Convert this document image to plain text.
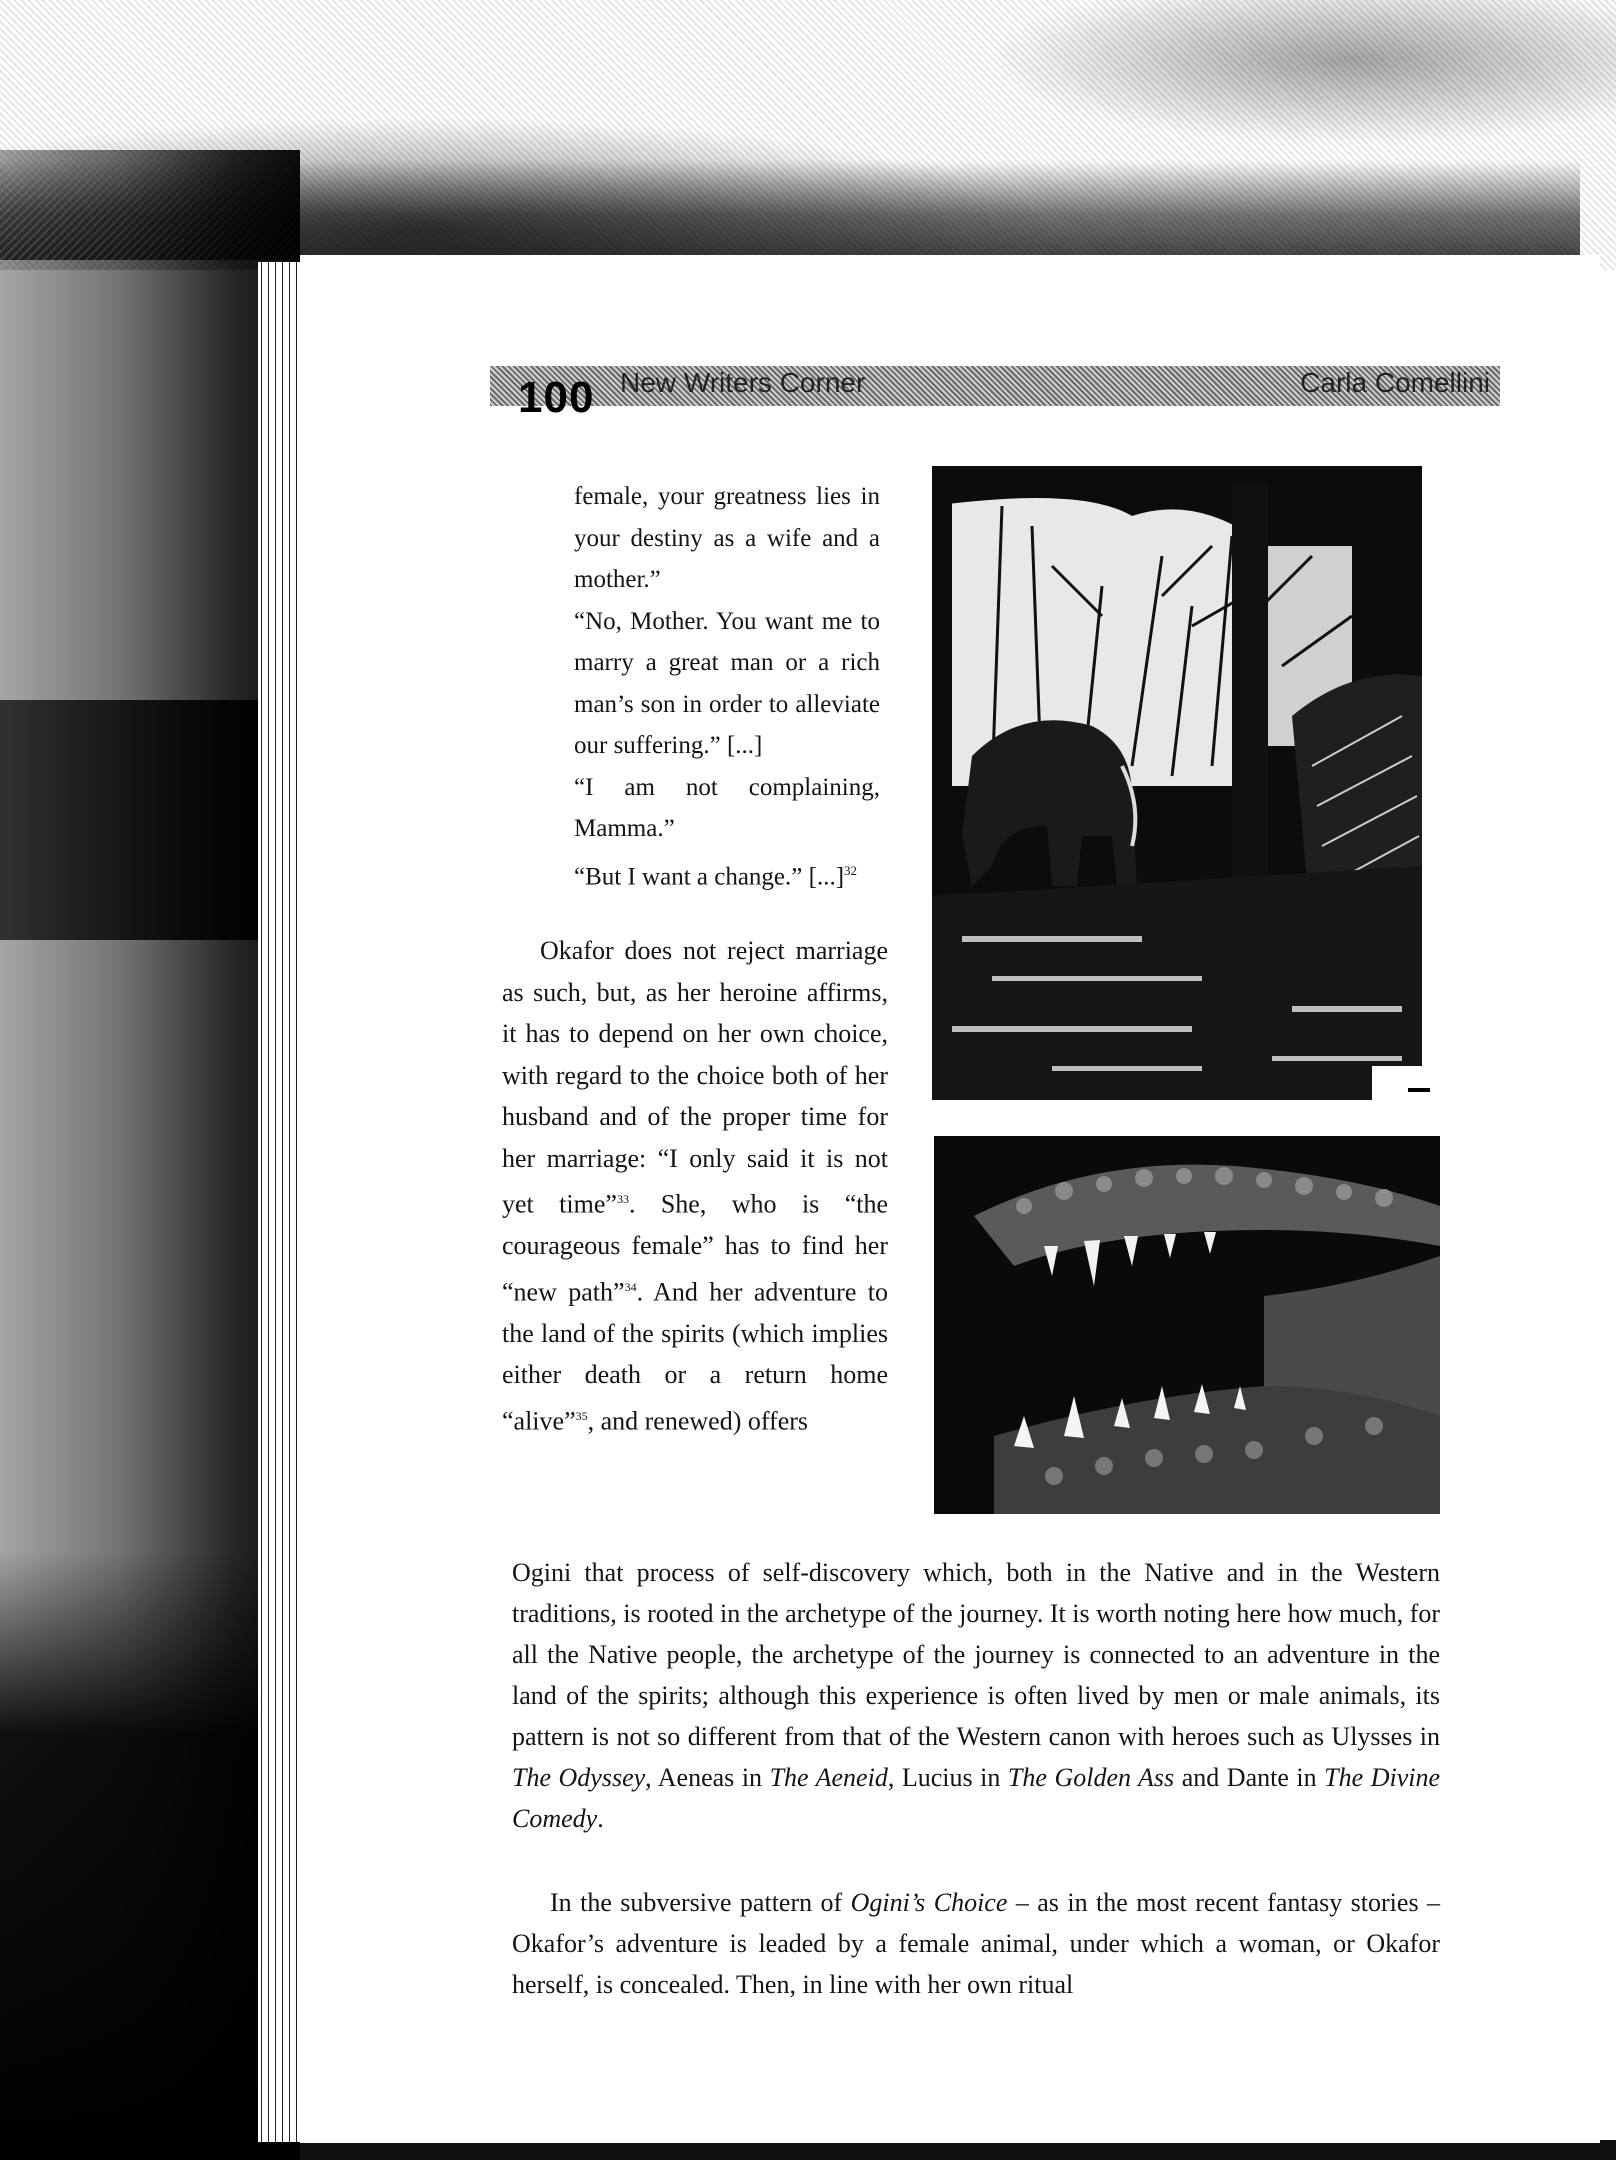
100 New Writers Corner	Carla Comellini

female, your greatness lies in your destiny as a wife and a mother.”

“No, Mother. You want me to marry a great man or a rich man’s son in order to alleviate our suffering.” [...]

“I am not complaining, Mamma.”

“But I want a change.” [...]$^{32}$

Okafor does not reject marriage as such, but, as her heroine affirms, it has to depend on her own choice, with regard to the choice both of her husband and of the proper time for her marriage: “I only said it is not yet time”$^{33}$. She, who is “the courageous female” has to find her “new path”$^{34}$. And her adventure to the land of the spirits (which implies either death or a return home “alive”$^{35}$, and renewed) offers

Ogini that process of self-discovery which, both in the Native and in the Western traditions, is rooted in the archetype of the journey. It is worth noting here how much, for all the Native people, the archetype of the journey is connected to an adventure in the land of the spirits; although this experience is often lived by men or male animals, its pattern is not so different from that of the Western canon with heroes such as Ulysses in The Odyssey, Aeneas in The Aeneid, Lucius in The Golden Ass and Dante in The Divine Comedy.

In the subversive pattern of Ogini’s Choice – as in the most recent fantasy stories – Okafor’s adventure is leaded by a female animal, under which a woman, or Okafor herself, is concealed. Then, in line with her own ritual
